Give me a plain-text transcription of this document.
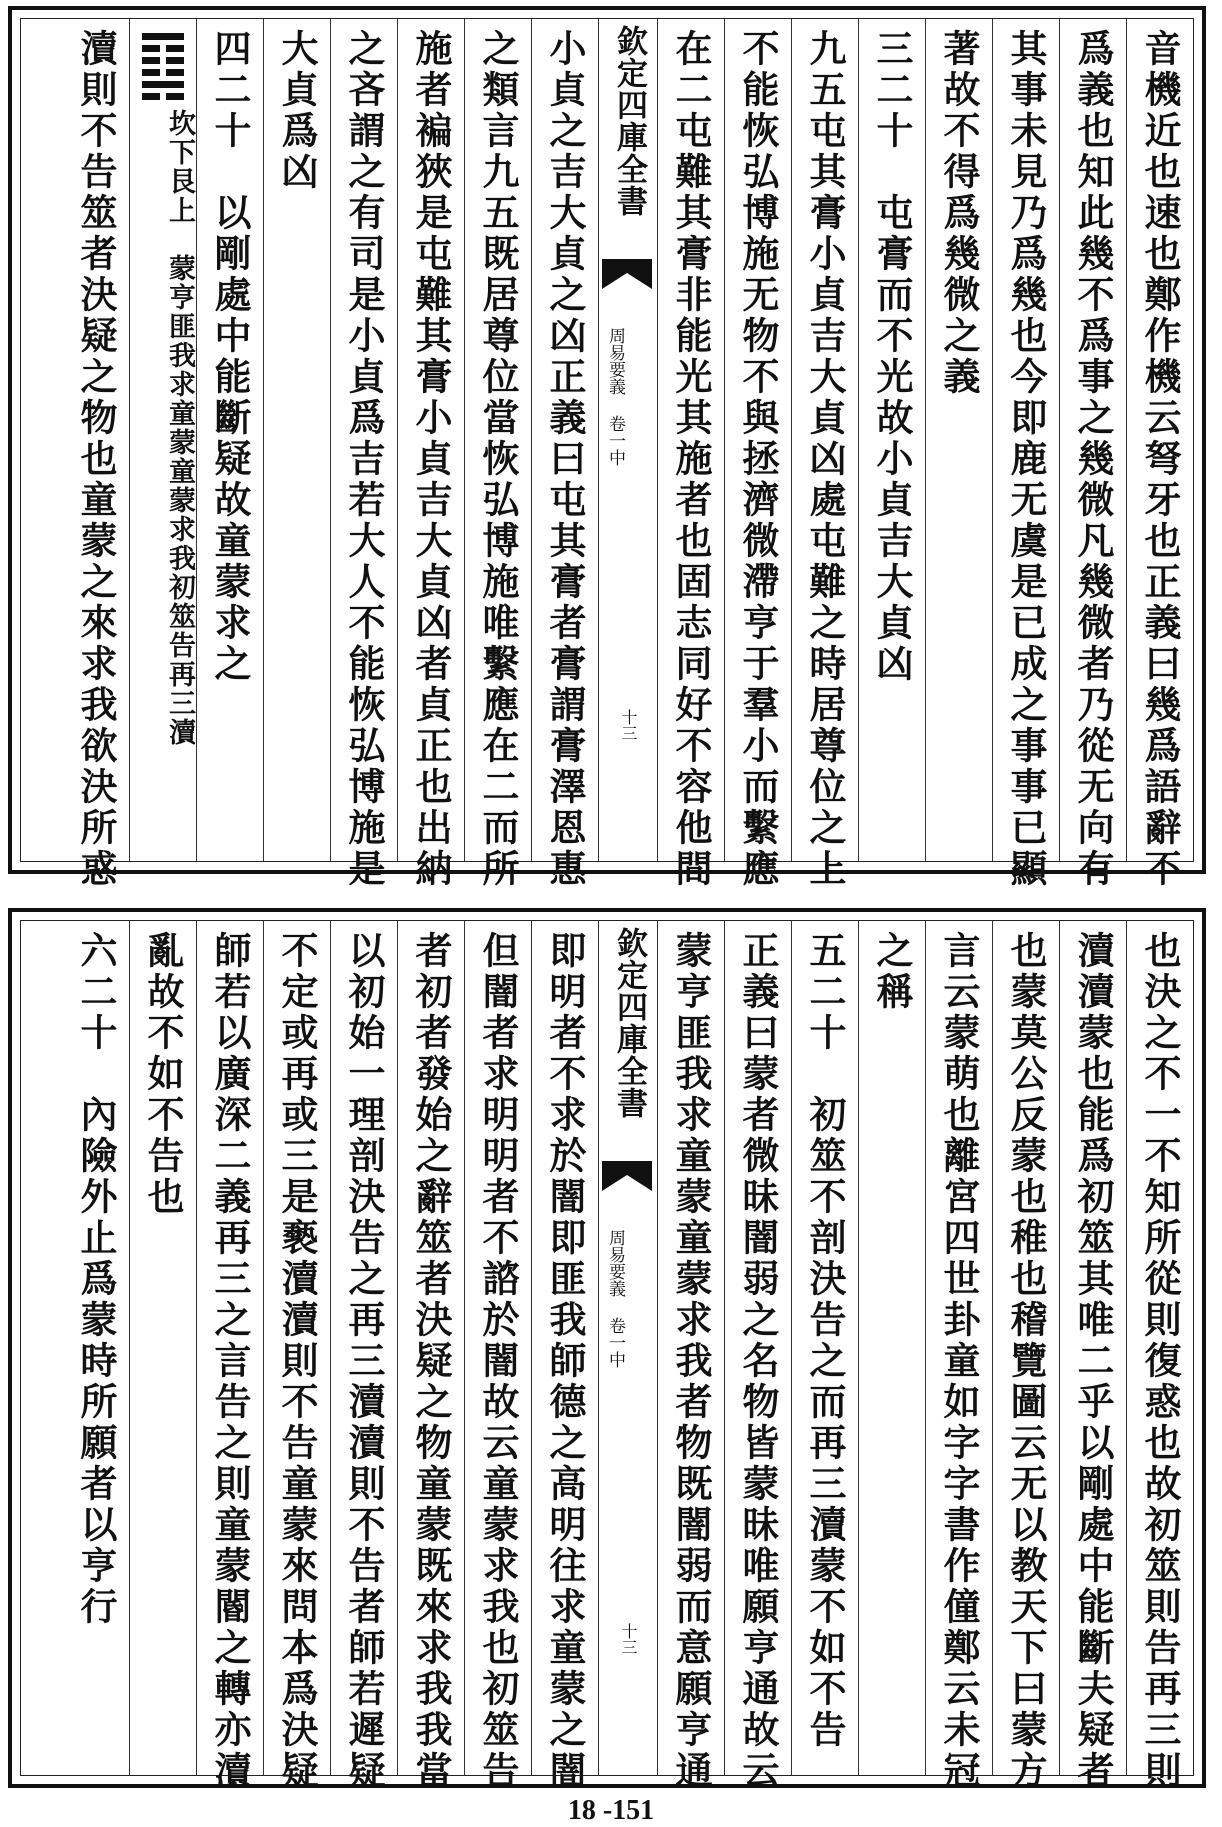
音機近也速也鄭作機云弩牙也正義曰幾爲語辭不
爲義也知此幾不爲事之幾微凡幾微者乃從无向有
其事未見乃爲幾也今即鹿无虞是已成之事事已顯
著故不得爲幾微之義
三二十　屯膏而不光故小貞吉大貞凶
九五屯其膏小貞吉大貞凶處屯難之時居尊位之上
不能恢弘博施无物不與拯濟微滯亨于羣小而繫應
在二屯難其膏非能光其施者也固志同好不容他間
欽定四庫全書
周易要義 卷一中
十三
小貞之吉大貞之凶正義曰屯其膏者膏謂膏澤恩惠
之類言九五既居尊位當恢弘博施唯繫應在二而所
施者褊狹是屯難其膏小貞吉大貞凶者貞正也出納
之吝謂之有司是小貞爲吉若大人不能恢弘博施是
大貞爲凶
四二十　以剛處中能斷疑故童蒙求之
坎下艮上　蒙亨匪我求童蒙童蒙求我初筮告再三瀆
瀆則不告筮者決疑之物也童蒙之來求我欲決所惑
也決之不一不知所從則復惑也故初筮則告再三則
瀆瀆蒙也能爲初筮其唯二乎以剛處中能斷夫疑者
也蒙莫公反蒙也稚也稽覽圖云无以教天下曰蒙方
言云蒙萌也離宮四世卦童如字字書作僮鄭云未冠
之稱
五二十　初筮不剖決告之而再三瀆蒙不如不告
正義曰蒙者微昧闇弱之名物皆蒙昧唯願亨通故云
蒙亨匪我求童蒙童蒙求我者物既闇弱而意願亨通
欽定四庫全書
周易要義 卷一中
十三
即明者不求於闇即匪我師德之高明往求童蒙之闇
但闇者求明明者不諮於闇故云童蒙求我也初筮告
者初者發始之辭筮者決疑之物童蒙既來求我我當
以初始一理剖決告之再三瀆瀆則不告者師若遲疑
不定或再或三是褻瀆瀆則不告童蒙來問本爲決疑
師若以廣深二義再三之言告之則童蒙閽之轉亦瀆
亂故不如不告也
六二十　內險外止爲蒙時所願者以亨行
18 -151
